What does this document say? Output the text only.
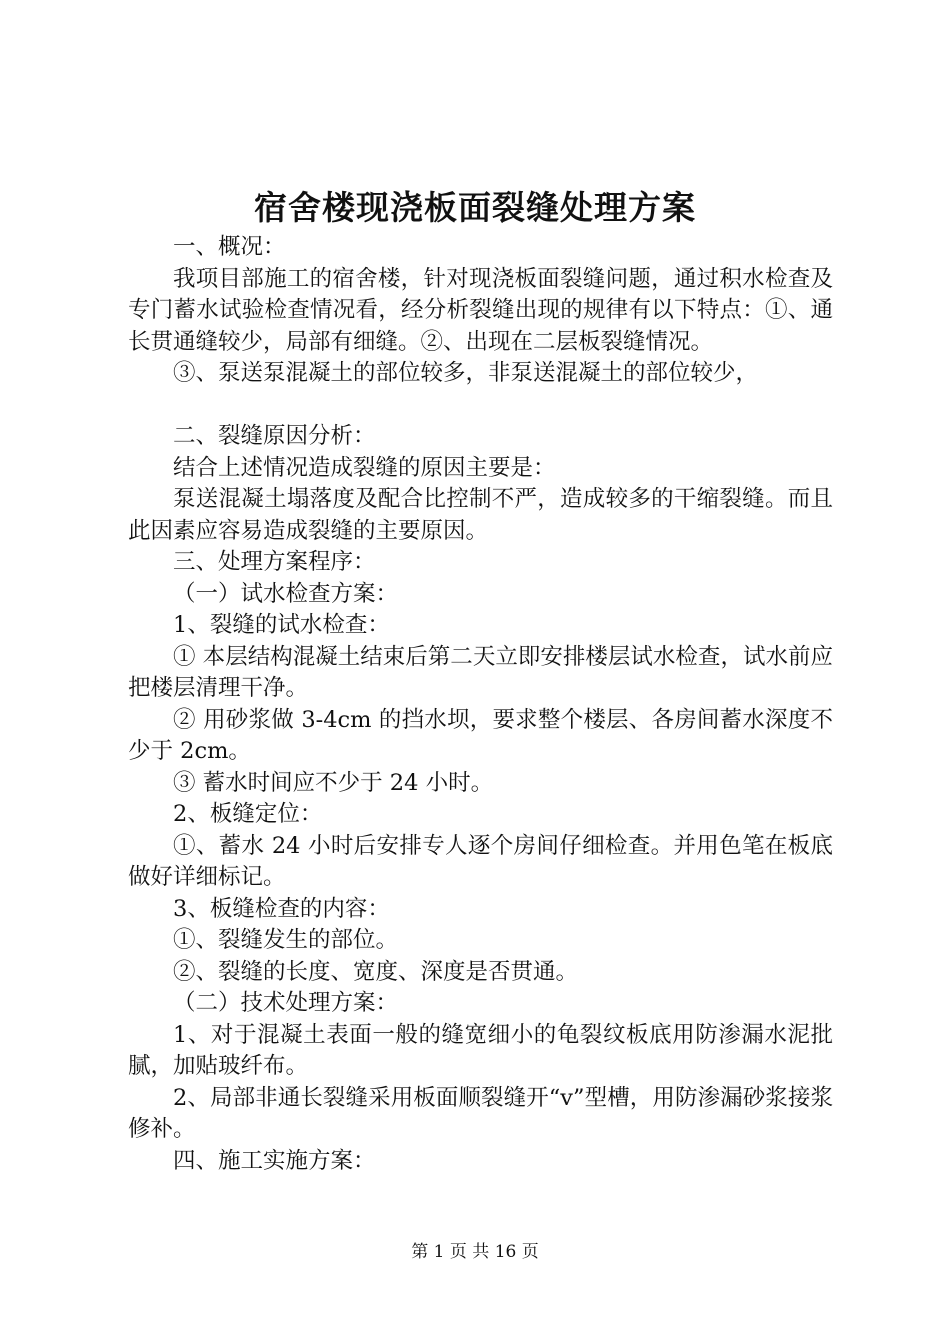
宿舍楼现浇板面裂缝处理方案

一、概况：

我项目部施工的宿舍楼，针对现浇板面裂缝问题，通过积水检查及专门蓄水试验检查情况看，经分析裂缝出现的规律有以下特点：①、通长贯通缝较少，局部有细缝。②、出现在二层板裂缝情况。

③、泵送泵混凝土的部位较多，非泵送混凝土的部位较少，

二、裂缝原因分析：

结合上述情况造成裂缝的原因主要是：

泵送混凝土塌落度及配合比控制不严，造成较多的干缩裂缝。而且此因素应容易造成裂缝的主要原因。

三、处理方案程序：

（一）试水检查方案：

1、裂缝的试水检查：

① 本层结构混凝土结束后第二天立即安排楼层试水检查，试水前应把楼层清理干净。

② 用砂浆做 3-4cm 的挡水坝，要求整个楼层、各房间蓄水深度不少于 2cm。

③ 蓄水时间应不少于 24 小时。

2、板缝定位：

①、蓄水 24 小时后安排专人逐个房间仔细检查。并用色笔在板底做好详细标记。

3、板缝检查的内容：

①、裂缝发生的部位。

②、裂缝的长度、宽度、深度是否贯通。

（二）技术处理方案：

1、对于混凝土表面一般的缝宽细小的龟裂纹板底用防渗漏水泥批腻，加贴玻纤布。

2、局部非通长裂缝采用板面顺裂缝开“v”型槽，用防渗漏砂浆接浆修补。

四、施工实施方案：

第 1 页 共 16 页
